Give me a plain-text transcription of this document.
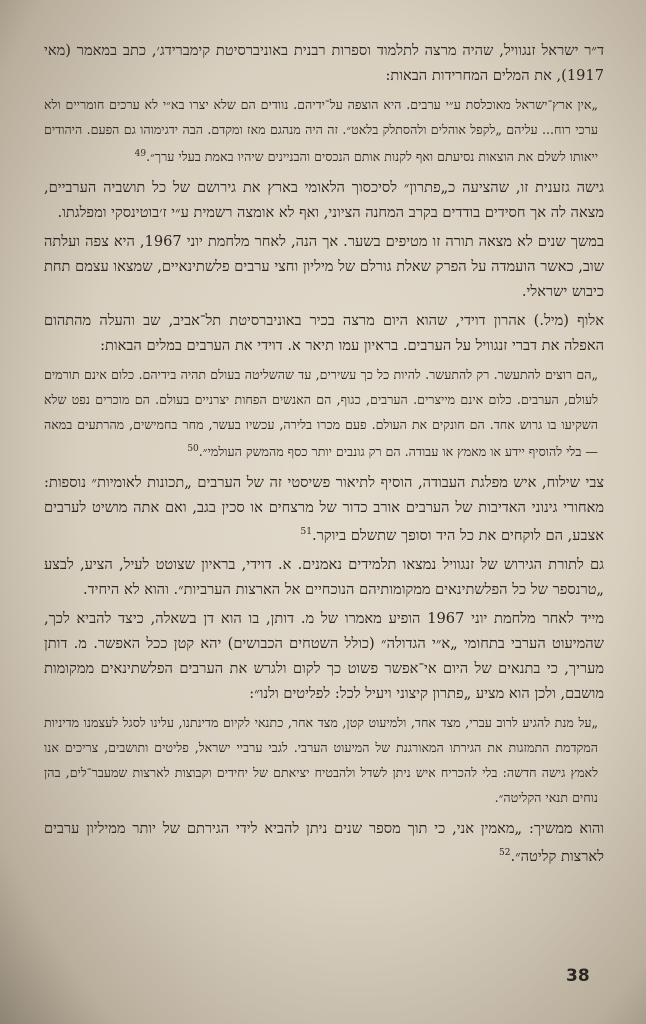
ד״ר ישראל זנגוויל, שהיה מרצה לתלמוד וספרות רבנית באוניברסיטת קימברידג׳, כתב במאמר (מאי 1917), את המלים המחרידות הבאות:

„אין ארץ־ישראל מאוכלסת ע״י ערבים. היא הוצפה על־ידיהם. נוודים הם שלא יצרו בא״י לא ערכים חומריים ולא ערכי רוח... עליהם „לקפל אוהלים ולהסתלק בלאט״. זה היה מנהגם מאז ומקדם. הבה ידגימוהו גם הפעם. היהודים ייאותו לשלם את הוצאות נסיעתם ואף לקנות אותם הנכסים והבניינים שיהיו באמת בעלי ערך״.$^{49}$

גישה גזענית זו, שהציעה כ„פתרון״ לסיכסוך הלאומי בארץ את גירושם של כל תושביה הערביים, מצאה לה אך חסידים בודדים בקרב המחנה הציוני, ואף לא אומצה רשמית ע״י ז׳בוטינסקי ומפלגתו.

במשך שנים לא מצאה תורה זו מטיפים בשער. אך הנה, לאחר מלחמת יוני 1967, היא צפה ועלתה שוב, כאשר הועמדה על הפרק שאלת גורלם של מיליון וחצי ערבים פלשתינאיים, שמצאו עצמם תחת כיבוש ישראלי.

אלוף (מיל.) אהרון דוידי, שהוא היום מרצה בכיר באוניברסיטת תל־אביב, שב והעלה מהתהום האפלה את דברי זנגוויל על הערבים. בראיון עמו תיאר א. דוידי את הערבים במלים הבאות:

„הם רוצים להתעשר. רק להתעשר. להיות כל כך עשירים, עד שהשליטה בעולם תהיה בידיהם. כלום אינם תורמים לעולם, הערבים. כלום אינם מייצרים. הערבים, כגוף, הם האנשים הפחות יצרניים בעולם. הם מוכרים נפט שלא השקיעו בו גרוש אחד. הם חונקים את העולם. פעם מכרו בלירה, עכשיו בעשר, מחר בחמישים, מהרתעים במאה — בלי להוסיף יידע או מאמץ או עבודה. הם רק גונבים יותר כסף מהמשק העולמי״.$^{50}$

צבי שילוח, איש מפלגת העבודה, הוסיף לתיאור פשיסטי זה של הערבים „תכונות לאומיות״ נוספות: מאחורי גינוני האדיבות של הערבים אורב כדור של מרצחים או סכין בגב, ואם אתה מושיט לערבים אצבע, הם לוקחים את כל היד וסופך שתשלם ביוקר.$^{51}$

גם לתורת הגירוש של זנגוויל נמצאו תלמידים נאמנים. א. דוידי, בראיון שצוטט לעיל, הציע, לבצע „טרנספר של כל הפלשתינאים ממקומותיהם הנוכחיים אל הארצות הערביות״. והוא לא היחיד.

מייד לאחר מלחמת יוני 1967 הופיע מאמרו של מ. דותן, בו הוא דן בשאלה, כיצד להביא לכך, שהמיעוט הערבי בתחומי „א״י הגדולה״ (כולל השטחים הכבושים) יהא קטן ככל האפשר. מ. דותן מעריך, כי בתנאים של היום אי־אפשר פשוט כך לקום ולגרש את הערבים הפלשתינאים ממקומות מושבם, ולכן הוא מציע „פתרון קיצוני ויעיל לכל: לפליטים ולנו״:

„על מנת להגיע לרוב עברי, מצד אחד, ולמיעוט קטן, מצד אחר, כתנאי לקיום מדינתנו, עלינו לסגל לעצמנו מדיניות המקדמת התמזגות את הגירתו המאורגנת של המיעוט הערבי. לגבי ערביי ישראל, פליטים ותושבים, צריכים אנו לאמץ גישה חדשה: בלי להכריח איש ניתן לשדל ולהבטיח יציאתם של יחידים וקבוצות לארצות שמעבר־לים, בהן נוחים תנאי הקליטה״.

והוא ממשיך: „מאמין אני, כי תוך מספר שנים ניתן להביא לידי הגירתם של יותר ממיליון ערבים לארצות קליטה״.$^{52}$

38
